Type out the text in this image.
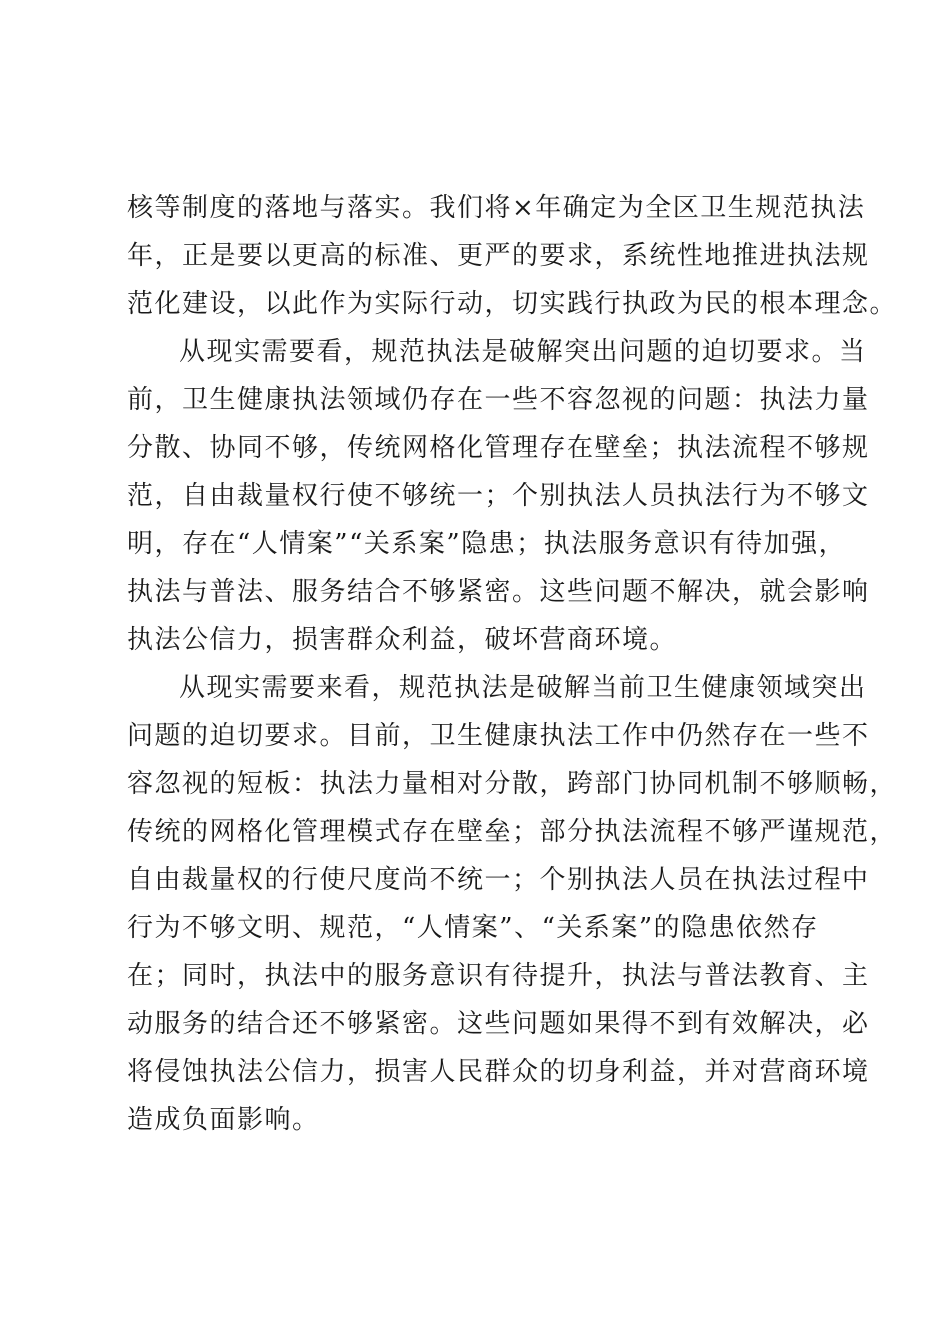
核等制度的落地与落实。我们将×年确定为全区卫生规范执法
年，正是要以更高的标准、更严的要求，系统性地推进执法规
范化建设，以此作为实际行动，切实践行执政为民的根本理念。
从现实需要看，规范执法是破解突出问题的迫切要求。当
前，卫生健康执法领域仍存在一些不容忽视的问题：执法力量
分散、协同不够，传统网格化管理存在壁垒；执法流程不够规
范，自由裁量权行使不够统一；个别执法人员执法行为不够文
明，存在“人情案”“关系案”隐患；执法服务意识有待加强，
执法与普法、服务结合不够紧密。这些问题不解决，就会影响
执法公信力，损害群众利益，破坏营商环境。
从现实需要来看，规范执法是破解当前卫生健康领域突出
问题的迫切要求。目前，卫生健康执法工作中仍然存在一些不
容忽视的短板：执法力量相对分散，跨部门协同机制不够顺畅，
传统的网格化管理模式存在壁垒；部分执法流程不够严谨规范，
自由裁量权的行使尺度尚不统一；个别执法人员在执法过程中
行为不够文明、规范，“人情案”、“关系案”的隐患依然存
在；同时，执法中的服务意识有待提升，执法与普法教育、主
动服务的结合还不够紧密。这些问题如果得不到有效解决，必
将侵蚀执法公信力，损害人民群众的切身利益，并对营商环境
造成负面影响。
